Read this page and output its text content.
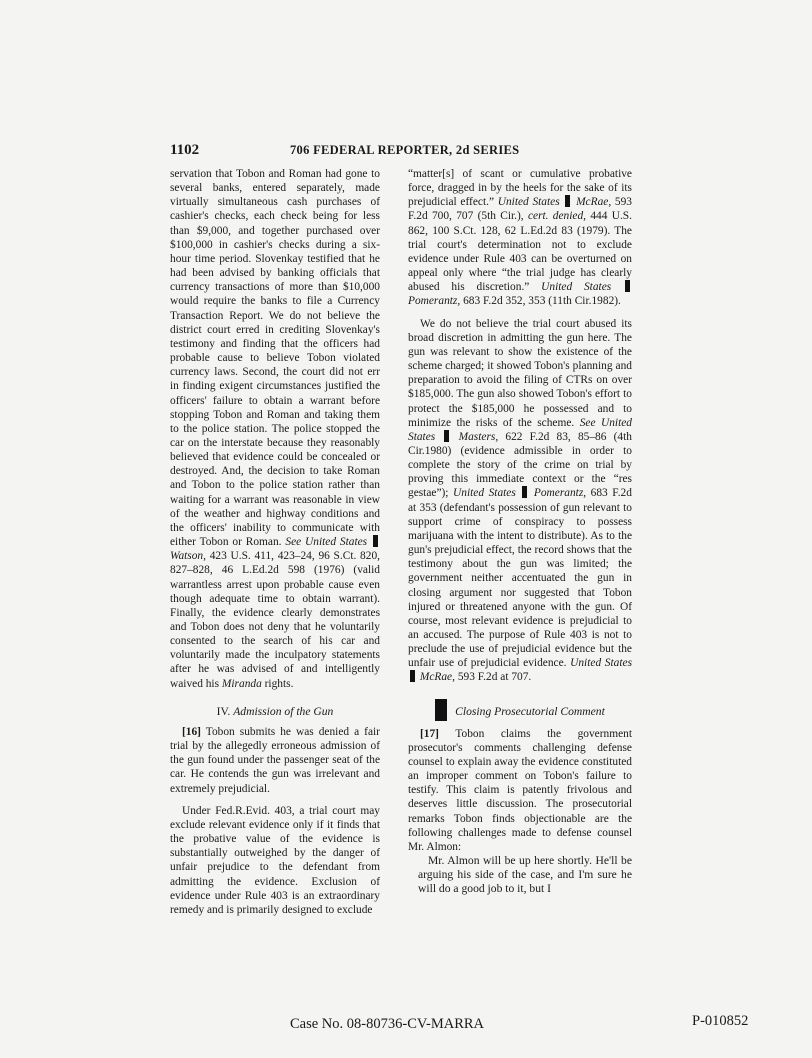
1102	706 FEDERAL REPORTER, 2d SERIES

servation that Tobon and Roman had gone to several banks, entered separately, made virtually simultaneous cash purchases of cashier's checks, each check being for less than $9,000, and together purchased over $100,000 in cashier's checks during a six-hour time period. Slovenkay testified that he had been advised by banking officials that currency transactions of more than $10,000 would require the banks to file a Currency Transaction Report. We do not believe the district court erred in crediting Slovenkay's testimony and finding that the officers had probable cause to believe Tobon violated currency laws. Second, the court did not err in finding exigent circumstances justified the officers' failure to obtain a warrant before stopping Tobon and Roman and taking them to the police station. The police stopped the car on the interstate because they reasonably believed that evidence could be concealed or destroyed. And, the decision to take Roman and Tobon to the police station rather than waiting for a warrant was reasonable in view of the weather and highway conditions and the officers' inability to communicate with either Tobon or Roman. See United States  Watson, 423 U.S. 411, 423–24, 96 S.Ct. 820, 827–828, 46 L.Ed.2d 598 (1976) (valid warrantless arrest upon probable cause even though adequate time to obtain warrant). Finally, the evidence clearly demonstrates and Tobon does not deny that he voluntarily consented to the search of his car and voluntarily made the inculpatory statements after he was advised of and intelligently waived his Miranda rights.

IV. Admission of the Gun

[16] Tobon submits he was denied a fair trial by the allegedly erroneous admission of the gun found under the passenger seat of the car. He contends the gun was irrelevant and extremely prejudicial.

Under Fed.R.Evid. 403, a trial court may exclude relevant evidence only if it finds that the probative value of the evidence is substantially outweighed by the danger of unfair prejudice to the defendant from admitting the evidence. Exclusion of evidence under Rule 403 is an extraordinary remedy and is primarily designed to exclude

“matter[s] of scant or cumulative probative force, dragged in by the heels for the sake of its prejudicial effect.” United States McRae, 593 F.2d 700, 707 (5th Cir.), cert. denied, 444 U.S. 862, 100 S.Ct. 128, 62 L.Ed.2d 83 (1979). The trial court's determination not to exclude evidence under Rule 403 can be overturned on appeal only where “the trial judge has clearly abused his discretion.” United States  Pomerantz, 683 F.2d 352, 353 (11th Cir.1982).

We do not believe the trial court abused its broad discretion in admitting the gun here. The gun was relevant to show the existence of the scheme charged; it showed Tobon's planning and preparation to avoid the filing of CTRs on over $185,000. The gun also showed Tobon's effort to protect the $185,000 he possessed and to minimize the risks of the scheme. See United States Masters, 622 F.2d 83, 85–86 (4th Cir.1980) (evidence admissible in order to complete the story of the crime on trial by proving this immediate context or the “res gestae”); United States Pomerantz, 683 F.2d at 353 (defendant's possession of gun relevant to support crime of conspiracy to possess marijuana with the intent to distribute). As to the gun's prejudicial effect, the record shows that the testimony about the gun was limited; the government neither accentuated the gun in closing argument nor suggested that Tobon injured or threatened anyone with the gun. Of course, most relevant evidence is prejudicial to an accused. The purpose of Rule 403 is not to preclude the use of prejudicial evidence but the unfair use of prejudicial evidence. United States  McRae, 593 F.2d at 707.

Closing Prosecutorial Comment

[17] Tobon claims the government prosecutor's comments challenging defense counsel to explain away the evidence constituted an improper comment on Tobon's failure to testify. This claim is patently frivolous and deserves little discussion. The prosecutorial remarks Tobon finds objectionable are the following challenges made to defense counsel Mr. Almon:

Mr. Almon will be up here shortly. He'll be arguing his side of the case, and I'm sure he will do a good job to it, but I

Case No. 08-80736-CV-MARRA	P-010852
